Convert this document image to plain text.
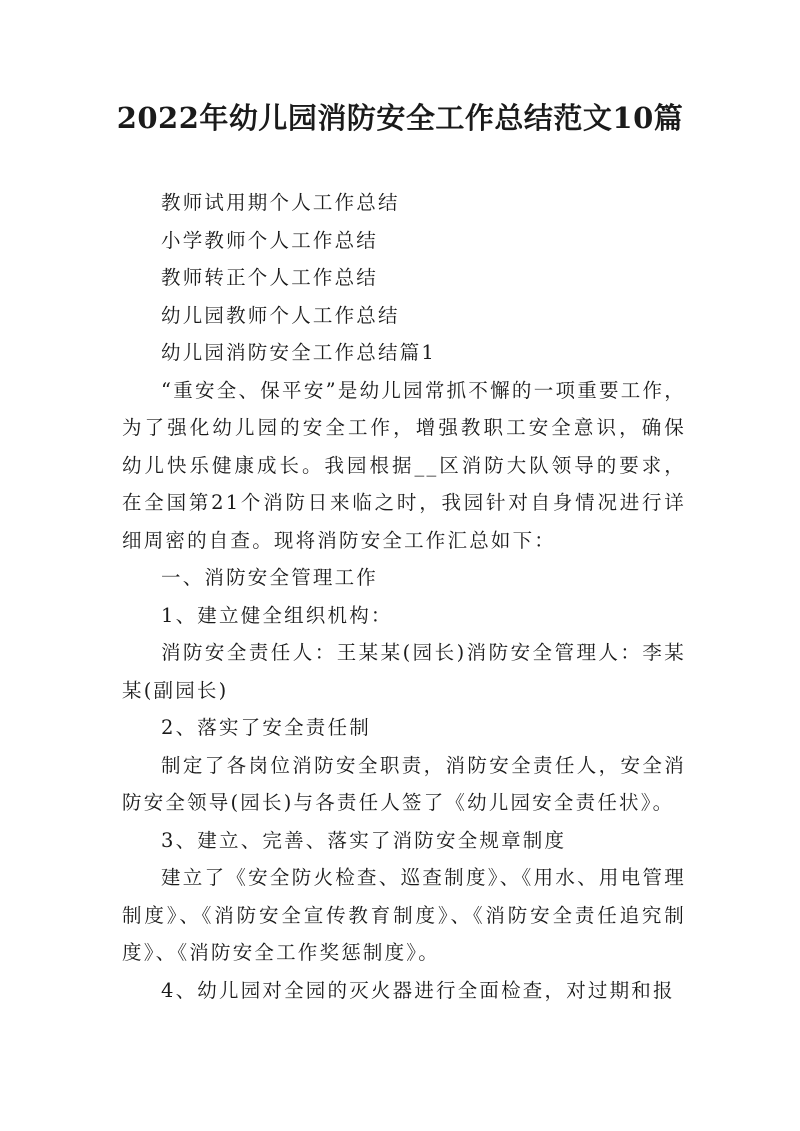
2022年幼儿园消防安全工作总结范文10篇

教师试用期个人工作总结

小学教师个人工作总结

教师转正个人工作总结

幼儿园教师个人工作总结

幼儿园消防安全工作总结篇1

“重安全、保平安”是幼儿园常抓不懈的一项重要工作，为了强化幼儿园的安全工作，增强教职工安全意识，确保幼儿快乐健康成长。我园根据__区消防大队领导的要求，在全国第21个消防日来临之时，我园针对自身情况进行详细周密的自查。现将消防安全工作汇总如下：

一、消防安全管理工作

1、建立健全组织机构：

消防安全责任人：王某某(园长)消防安全管理人：李某某(副园长)

2、落实了安全责任制

制定了各岗位消防安全职责，消防安全责任人，安全消防安全领导(园长)与各责任人签了《幼儿园安全责任状》。

3、建立、完善、落实了消防安全规章制度

建立了《安全防火检查、巡查制度》、《用水、用电管理制度》、《消防安全宣传教育制度》、《消防安全责任追究制度》、《消防安全工作奖惩制度》。

4、幼儿园对全园的灭火器进行全面检查，对过期和报
